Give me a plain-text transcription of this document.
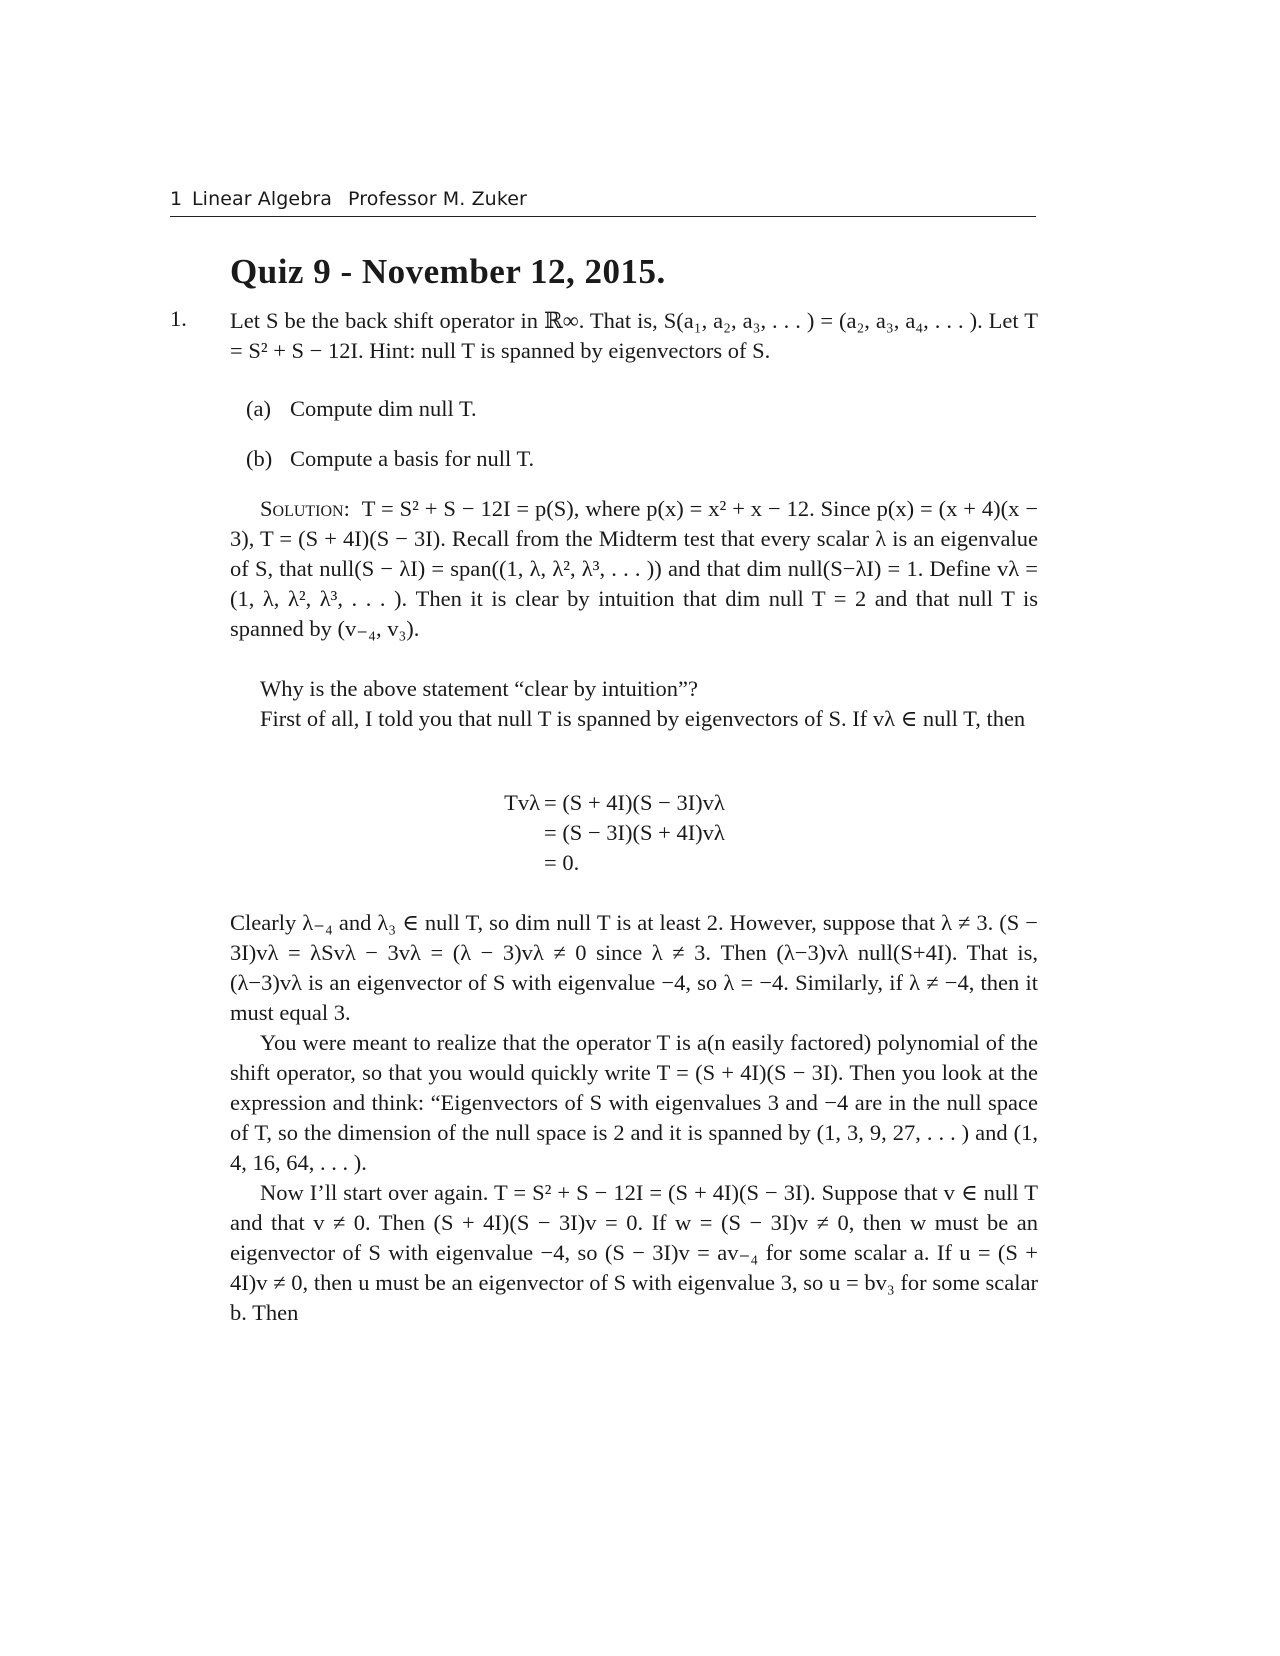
1 Linear Algebra Professor M. Zuker
Quiz 9 - November 12, 2015.
1. Let S be the back shift operator in ℝ∞. That is, S(a₁, a₂, a₃, . . . ) = (a₂, a₃, a₄, . . . ). Let T = S² + S − 12I. Hint: null T is spanned by eigenvectors of S.
(a) Compute dim null T.
(b) Compute a basis for null T.
Solution: T = S² + S − 12I = p(S), where p(x) = x² + x − 12. Since p(x) = (x + 4)(x − 3), T = (S + 4I)(S − 3I). Recall from the Midterm test that every scalar λ is an eigenvalue of S, that null(S − λI) = span((1, λ, λ², λ³, . . . )) and that dim null(S−λI) = 1. Define vλ = (1, λ, λ², λ³, . . . ). Then it is clear by intuition that dim null T = 2 and that null T is spanned by (v₋₄, v₃).
Why is the above statement “clear by intuition”?
First of all, I told you that null T is spanned by eigenvectors of S. If vλ ∈ null T, then
Tvλ = (S + 4I)(S − 3I)vλ
= (S − 3I)(S + 4I)vλ
= 0.
Clearly λ₋₄ and λ₃ ∈ null T, so dim null T is at least 2. However, suppose that λ ≠ 3. (S − 3I)vλ = λSvλ − 3vλ = (λ − 3)vλ ≠ 0 since λ ≠ 3. Then (λ−3)vλ null(S+4I). That is, (λ−3)vλ is an eigenvector of S with eigenvalue −4, so λ = −4. Similarly, if λ ≠ −4, then it must equal 3.
You were meant to realize that the operator T is a(n easily factored) polynomial of the shift operator, so that you would quickly write T = (S + 4I)(S − 3I). Then you look at the expression and think: “Eigenvectors of S with eigenvalues 3 and −4 are in the null space of T, so the dimension of the null space is 2 and it is spanned by (1, 3, 9, 27, . . . ) and (1, 4, 16, 64, . . . ).
Now I’ll start over again. T = S² + S − 12I = (S + 4I)(S − 3I). Suppose that v ∈ null T and that v ≠ 0. Then (S + 4I)(S − 3I)v = 0. If w = (S − 3I)v ≠ 0, then w must be an eigenvector of S with eigenvalue −4, so (S − 3I)v = av₋₄ for some scalar a. If u = (S + 4I)v ≠ 0, then u must be an eigenvector of S with eigenvalue 3, so u = bv₃ for some scalar b. Then
